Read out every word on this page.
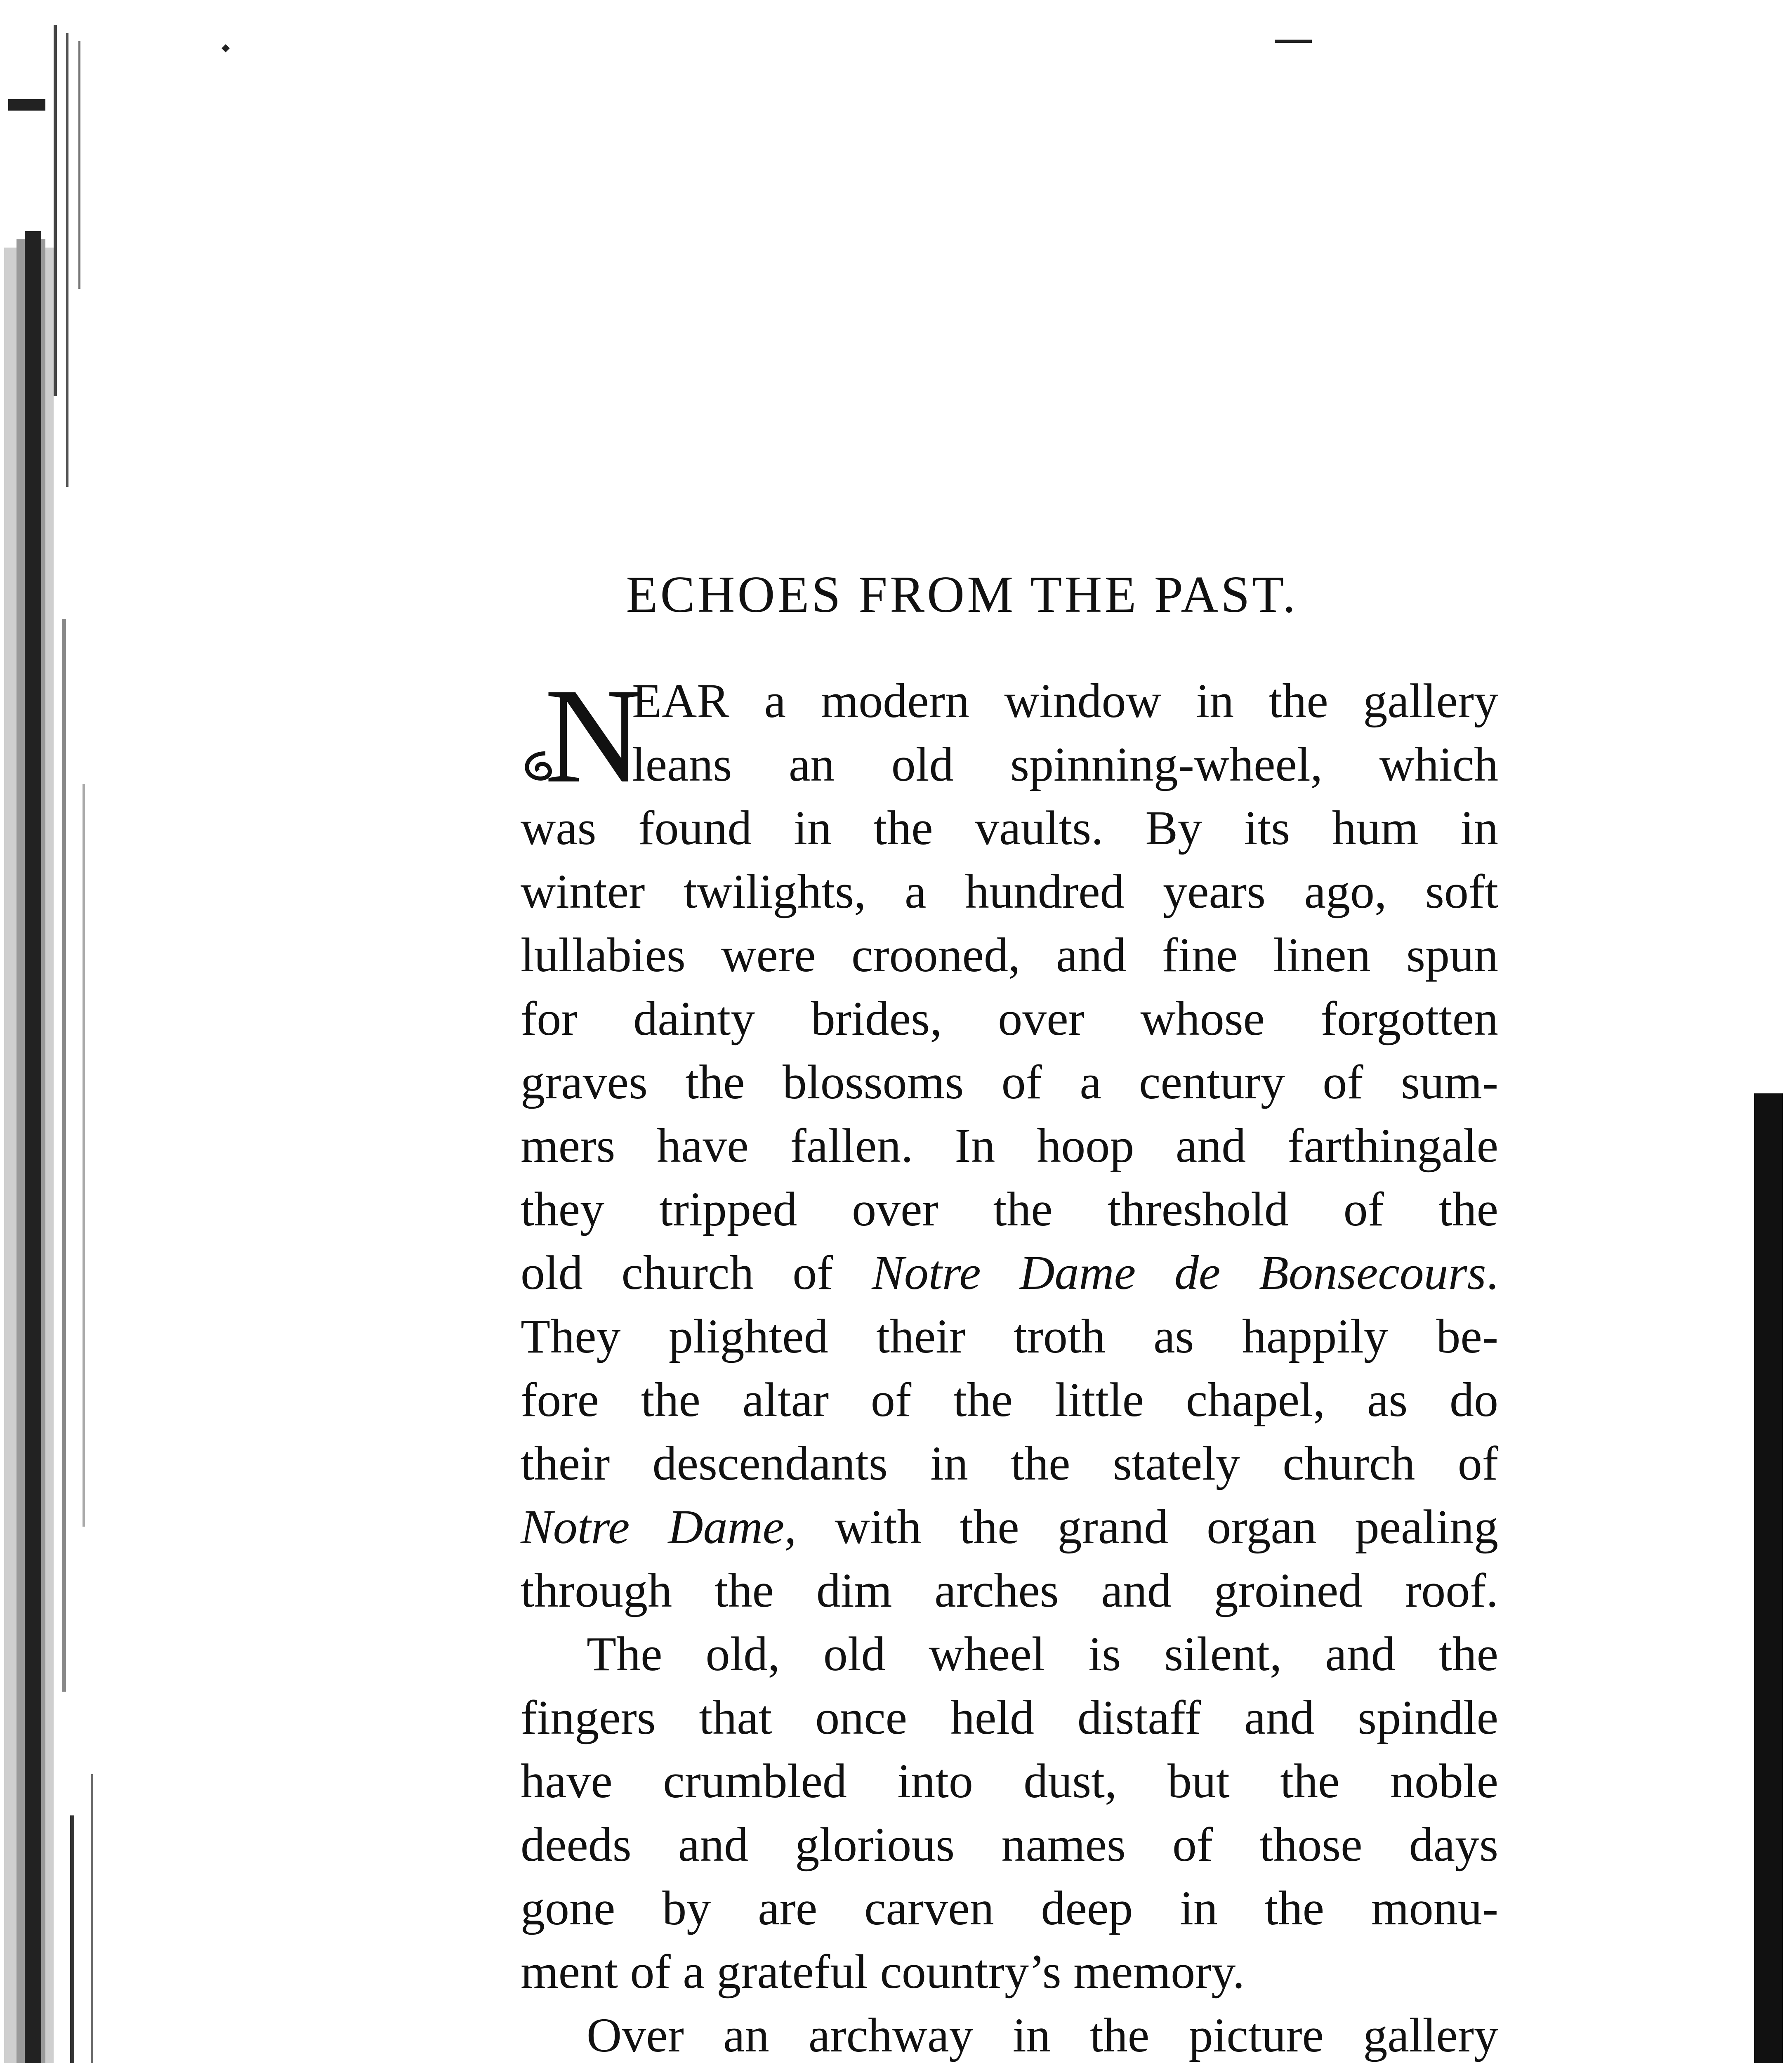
ECHOES FROM THE PAST.
N
EAR a modern window in the gallery
leans an old spinning-wheel, which
was found in the vaults. By its hum in
winter twilights, a hundred years ago, soft
lullabies were crooned, and fine linen spun
for dainty brides, over whose forgotten
graves the blossoms of a century of sum-
mers have fallen. In hoop and farthingale
they tripped over the threshold of the
old church of Notre Dame de Bonsecours.
They plighted their troth as happily be-
fore the altar of the little chapel, as do
their descendants in the stately church of
Notre Dame, with the grand organ pealing
through the dim arches and groined roof.
The old, old wheel is silent, and the
fingers that once held distaff and spindle
have crumbled into dust, but the noble
deeds and glorious names of those days
gone by are carven deep in the monu-
ment of a grateful country’s memory.
Over an archway in the picture gallery
